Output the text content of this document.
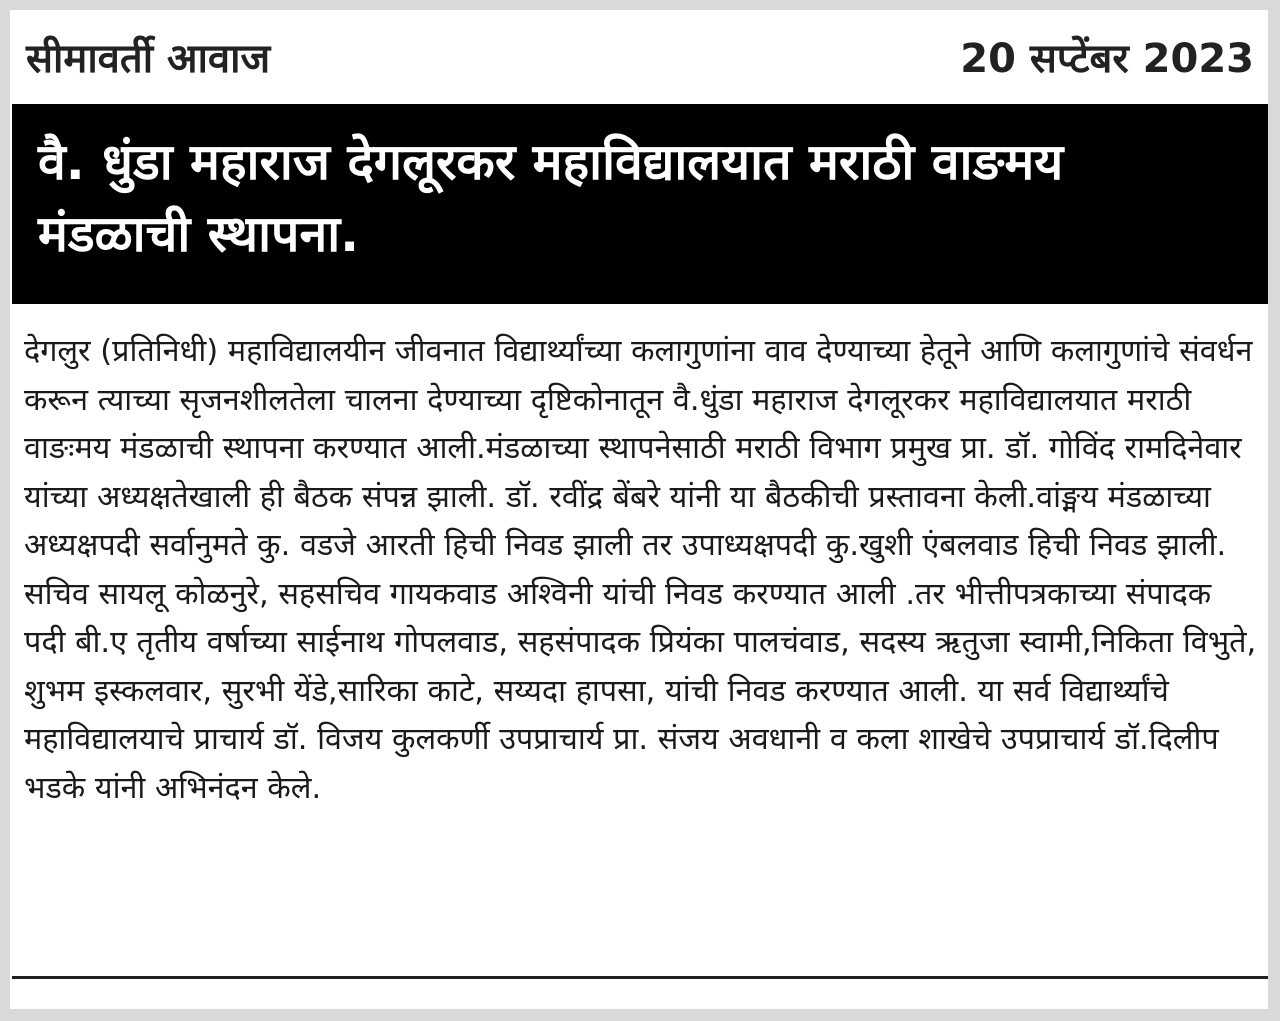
सीमावर्ती आवाज	20 सप्टेंबर 2023
वै. धुंडा महाराज देगलूरकर महाविद्यालयात मराठी वाङमय मंडळाची स्थापना.

देगलुर (प्रतिनिधी) महाविद्यालयीन जीवनात विद्यार्थ्यांच्या कलागुणांना वाव देण्याच्या हेतूने आणि कलागुणांचे संवर्धन करून त्याच्या सृजनशीलतेला चालना देण्याच्या दृष्टिकोनातून वै.धुंडा महाराज देगलूरकर महाविद्यालयात मराठी वाङःमय मंडळाची स्थापना करण्यात आली.मंडळाच्या स्थापनेसाठी मराठी विभाग प्रमुख प्रा. डॉ. गोविंद रामदिनेवार यांच्या अध्यक्षतेखाली ही बैठक संपन्न झाली. डॉ. रवींद्र बेंबरे यांनी या बैठकीची प्रस्तावना केली.वांङ्मय मंडळाच्या अध्यक्षपदी सर्वानुमते कु. वडजे आरती हिची निवड झाली तर उपाध्यक्षपदी कु.खुशी एंबलवाड हिची निवड झाली. सचिव सायलू कोळनुरे, सहसचिव गायकवाड अश्विनी यांची निवड करण्यात आली .तर भीत्तीपत्रकाच्या संपादक पदी बी.ए तृतीय वर्षाच्या साईनाथ गोपलवाड, सहसंपादक प्रियंका पालचंवाड, सदस्य ऋतुजा स्वामी,निकिता विभुते, शुभम इस्कलवार, सुरभी येंडे,सारिका काटे, सय्यदा हापसा, यांची निवड करण्यात आली. या सर्व विद्यार्थ्यांचे महाविद्यालयाचे प्राचार्य डॉ. विजय कुलकर्णी उपप्राचार्य प्रा. संजय अवधानी व कला शाखेचे उपप्राचार्य डॉ.दिलीप भडके यांनी अभिनंदन केले.
